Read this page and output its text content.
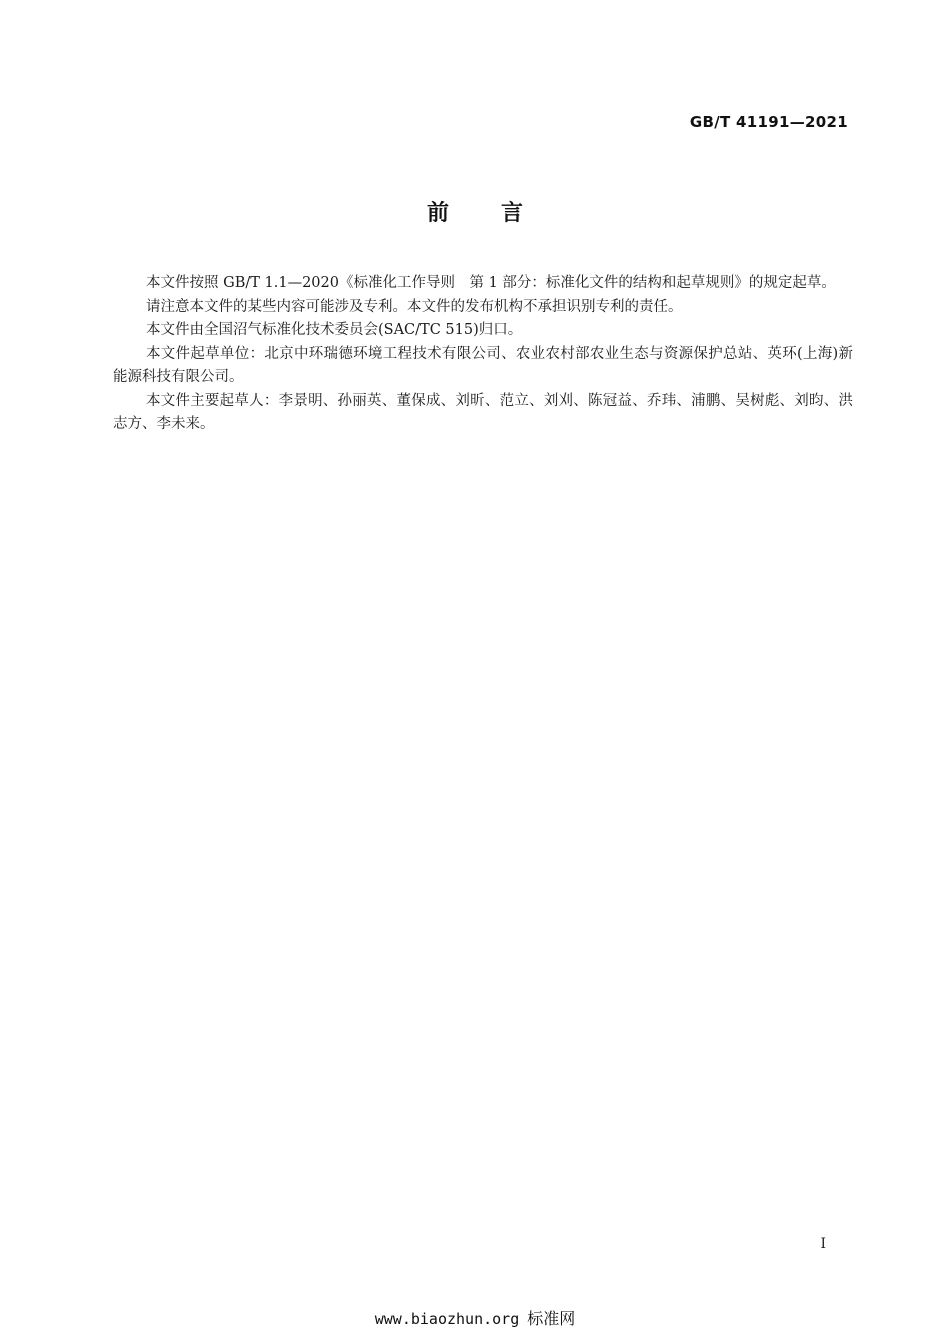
GB/T 41191—2021
前言

本文件按照 GB/T 1.1—2020《标准化工作导则　第 1 部分：标准化文件的结构和起草规则》的规定起草。

请注意本文件的某些内容可能涉及专利。本文件的发布机构不承担识别专利的责任。

本文件由全国沼气标准化技术委员会(SAC/TC 515)归口。

本文件起草单位：北京中环瑞德环境工程技术有限公司、农业农村部农业生态与资源保护总站、英环(上海)新能源科技有限公司。

本文件主要起草人：李景明、孙丽英、董保成、刘昕、范立、刘刈、陈冠益、乔玮、浦鹏、吴树彪、刘昀、洪志方、李未来。

I
www.biaozhun.org 标准网
